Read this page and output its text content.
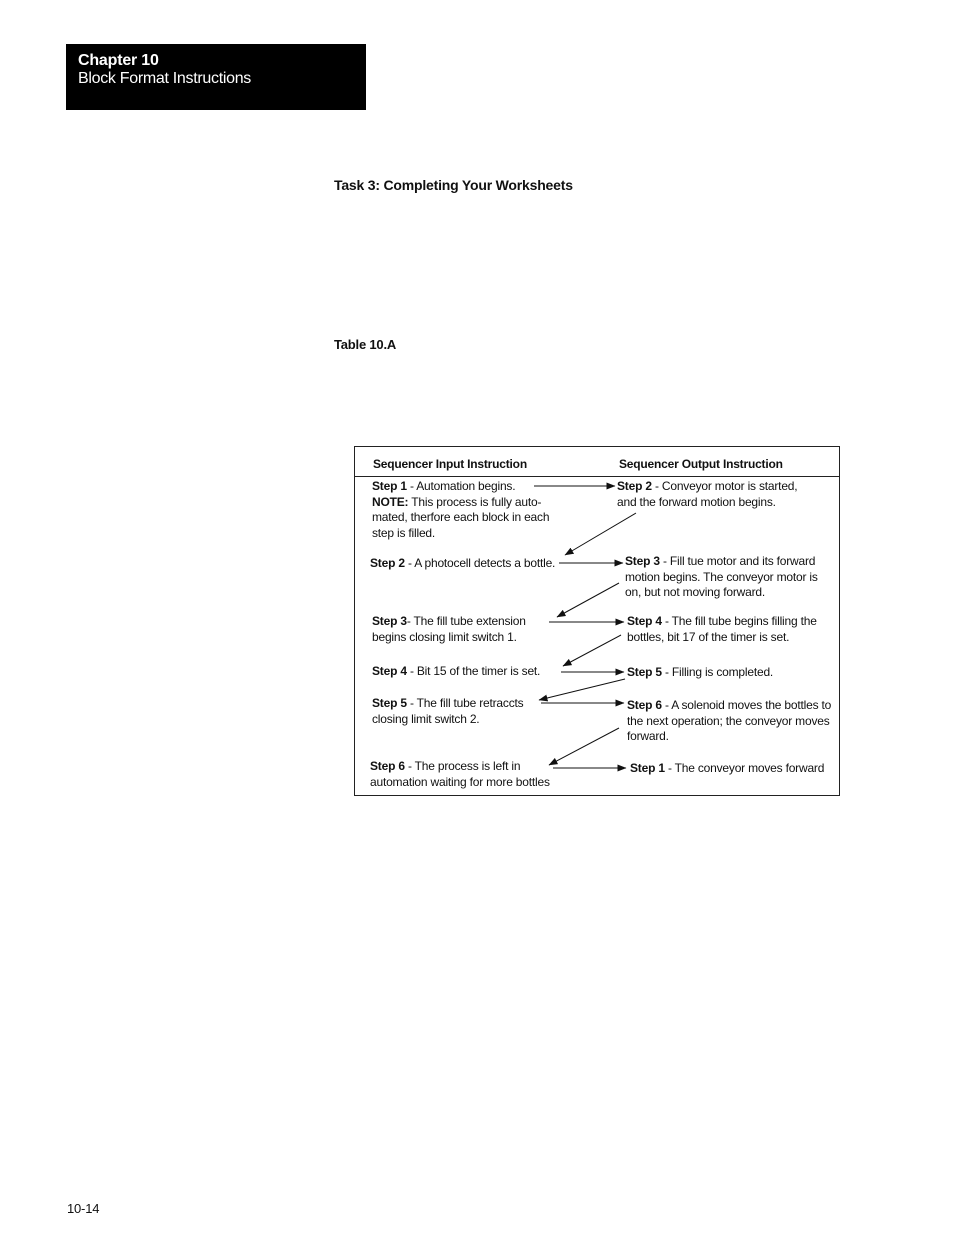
Chapter 10
Block Format Instructions
Task 3: Completing Your Worksheets
Table 10.A
Sequencer Input Instruction	Sequencer Output Instruction
Step 1 - Automation begins.
NOTE: This process is fully auto-mated, therfore each block in each step is filled.
Step 2 - A photocell detects a bottle.
Step 3- The fill tube extension begins closing limit switch 1.
Step 4 - Bit 15 of the timer is set.
Step 5 - The fill tube retraccts closing limit switch 2.
Step 6 - The process is left in automation waiting for more bottles
Step 2 - Conveyor motor is started, and the forward motion begins.
Step 3 - Fill tue motor and its forward motion begins. The conveyor motor is on, but not moving forward.
Step 4 - The fill tube begins filling the bottles, bit 17 of the timer is set.
Step 5 - Filling is completed.
Step 6 - A solenoid moves the bottles to the next operation; the conveyor moves forward.
Step 1 - The conveyor moves forward
10-14
